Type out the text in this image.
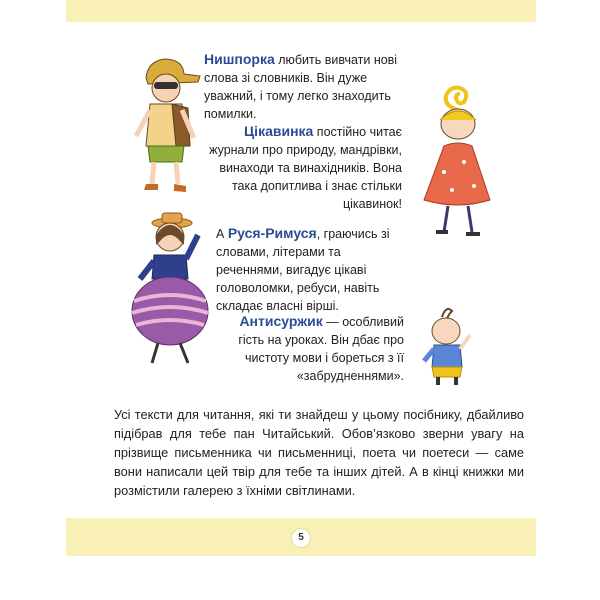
Нишпорка любить вивчати нові слова зі словників. Він дуже уважний, і тому легко знаходить помилки.

Цікавинка постійно читає журнали про природу, мандрівки, винаходи та винахідників. Вона така допитлива і знає стільки цікавинок!

А Руся-Римуся, граючись зі словами, літерами та реченнями, вигадує цікаві головоломки, ребуси, навіть складає власні вірші.

Антисуржик — особливий гість на уроках. Він дбає про чистоту мови і бореться з її «забрудненнями».

Усі тексти для читання, які ти знайдеш у цьому посібнику, дбайливо підібрав для тебе пан Читайський. Обов’язково зверни увагу на прізвище письменника чи письменниці, поета чи поетеси — саме вони написали цей твір для тебе та інших дітей. А в кінці книжки ми розмістили галерею з їхніми світлинами.

5
